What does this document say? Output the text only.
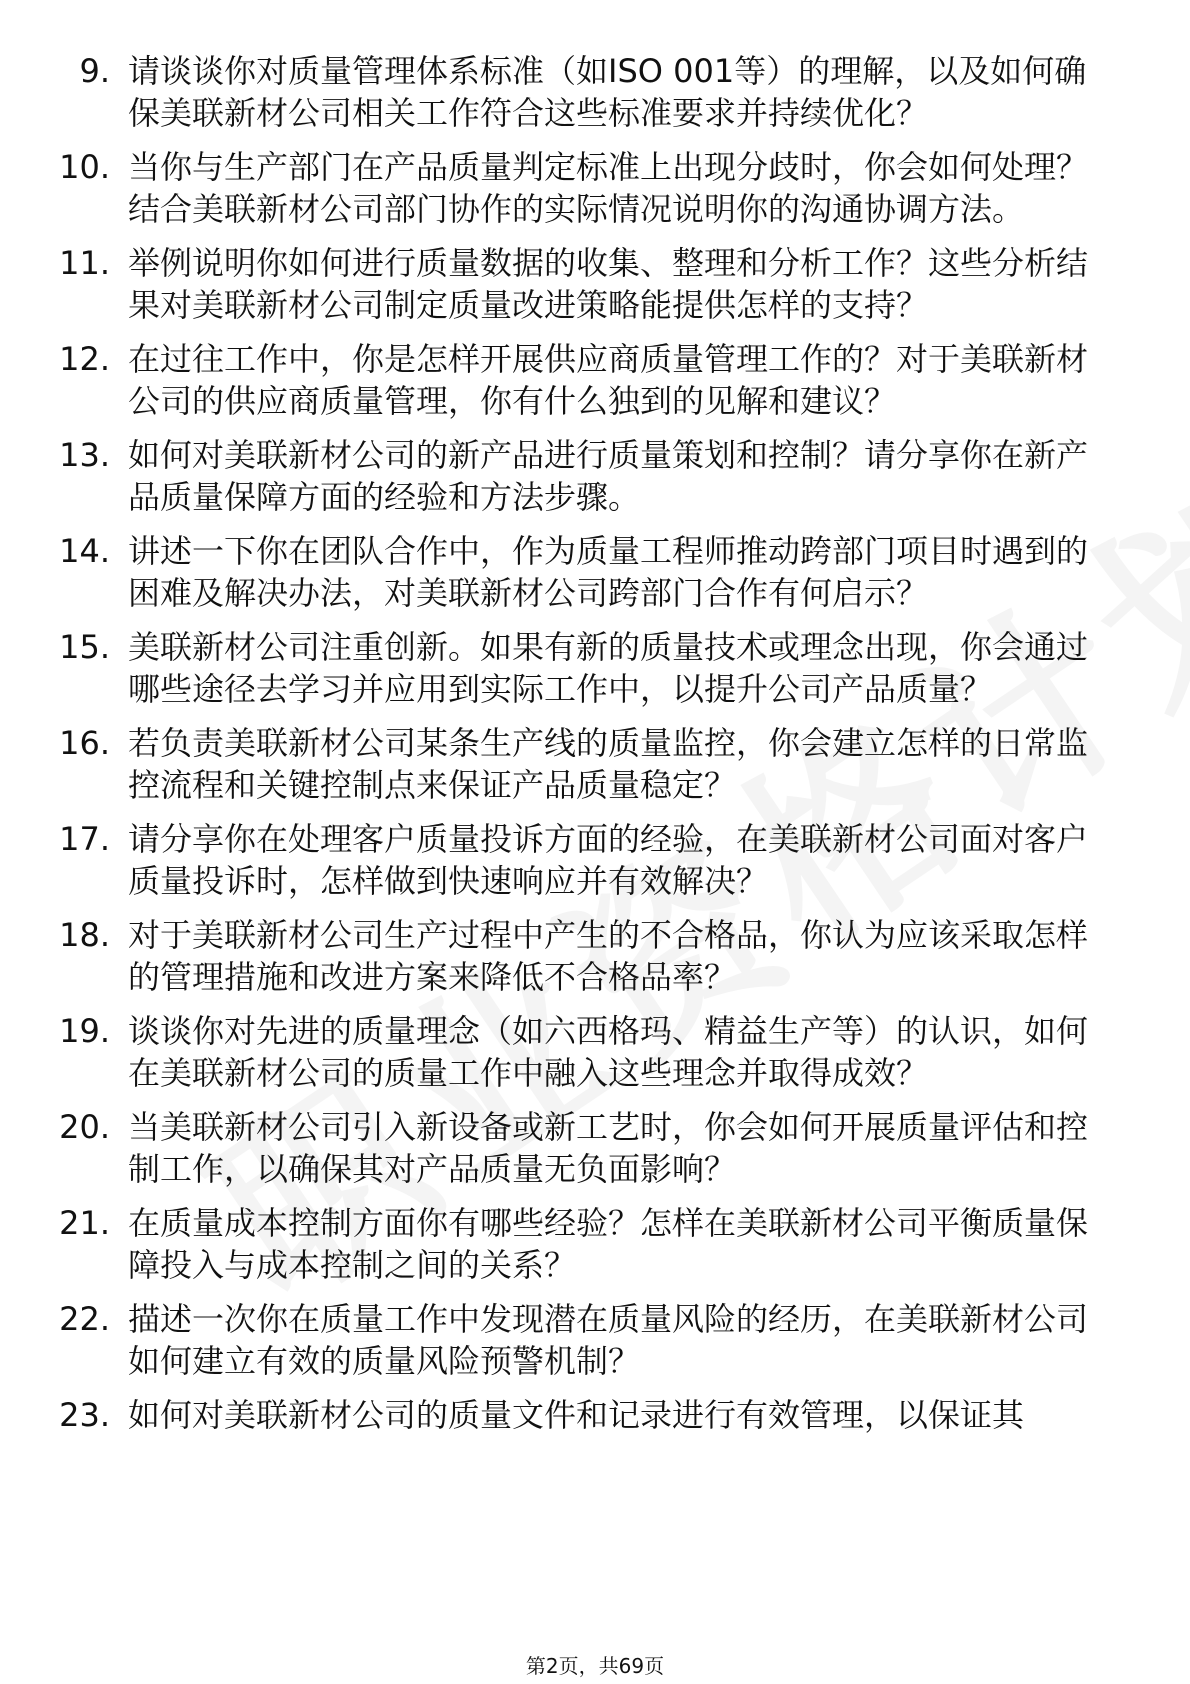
9. 请谈谈你对质量管理体系标准（如ISO 001等）的理解，以及如何确保美联新材公司相关工作符合这些标准要求并持续优化？
10. 当你与生产部门在产品质量判定标准上出现分歧时，你会如何处理？结合美联新材公司部门协作的实际情况说明你的沟通协调方法。
11. 举例说明你如何进行质量数据的收集、整理和分析工作？这些分析结果对美联新材公司制定质量改进策略能提供怎样的支持？
12. 在过往工作中，你是怎样开展供应商质量管理工作的？对于美联新材公司的供应商质量管理，你有什么独到的见解和建议？
13. 如何对美联新材公司的新产品进行质量策划和控制？请分享你在新产品质量保障方面的经验和方法步骤。
14. 讲述一下你在团队合作中，作为质量工程师推动跨部门项目时遇到的困难及解决办法，对美联新材公司跨部门合作有何启示？
15. 美联新材公司注重创新。如果有新的质量技术或理念出现，你会通过哪些途径去学习并应用到实际工作中，以提升公司产品质量？
16. 若负责美联新材公司某条生产线的质量监控，你会建立怎样的日常监控流程和关键控制点来保证产品质量稳定？
17. 请分享你在处理客户质量投诉方面的经验，在美联新材公司面对客户质量投诉时，怎样做到快速响应并有效解决？
18. 对于美联新材公司生产过程中产生的不合格品，你认为应该采取怎样的管理措施和改进方案来降低不合格品率？
19. 谈谈你对先进的质量理念（如六西格玛、精益生产等）的认识，如何在美联新材公司的质量工作中融入这些理念并取得成效？
20. 当美联新材公司引入新设备或新工艺时，你会如何开展质量评估和控制工作，以确保其对产品质量无负面影响？
21. 在质量成本控制方面你有哪些经验？怎样在美联新材公司平衡质量保障投入与成本控制之间的关系？
22. 描述一次你在质量工作中发现潜在质量风险的经历，在美联新材公司如何建立有效的质量风险预警机制？
23. 如何对美联新材公司的质量文件和记录进行有效管理，以保证其
第2页，共69页
